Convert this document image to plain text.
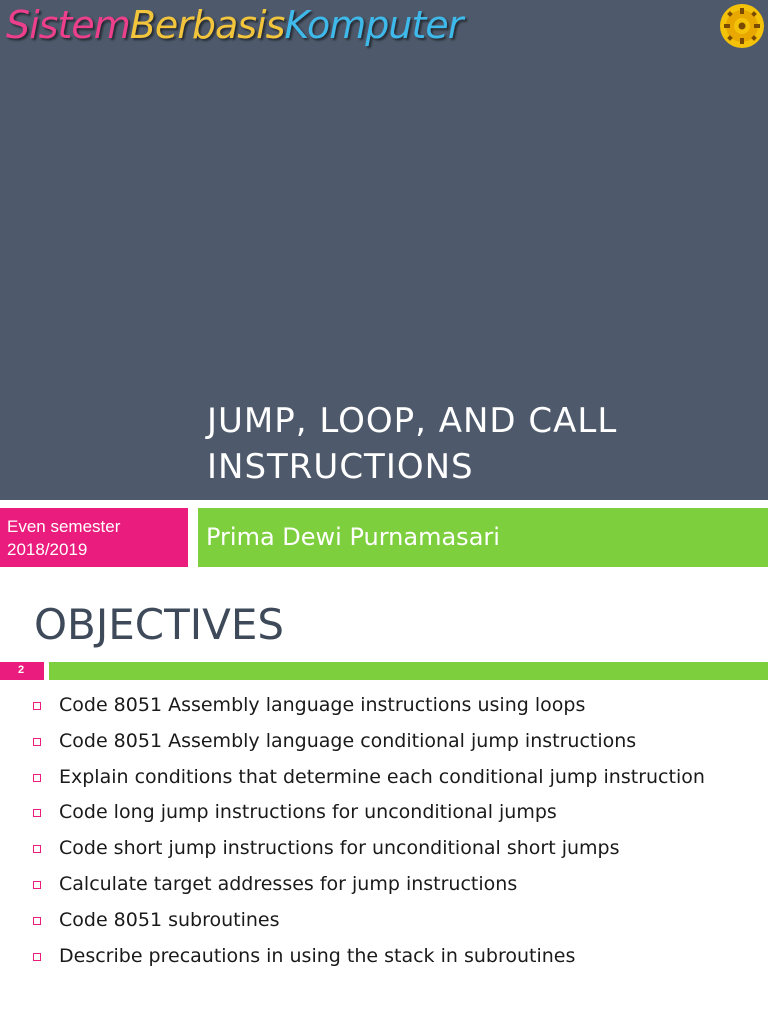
SistemBerbasisKomputer
JUMP, LOOP, AND CALL
INSTRUCTIONS
Even semester
2018/2019	Prima Dewi Purnamasari
OBJECTIVES
2
Code 8051 Assembly language instructions using loops
Code 8051 Assembly language conditional jump instructions
Explain conditions that determine each conditional jump instruction
Code long jump instructions for unconditional jumps
Code short jump instructions for unconditional short jumps
Calculate target addresses for jump instructions
Code 8051 subroutines
Describe precautions in using the stack in subroutines
